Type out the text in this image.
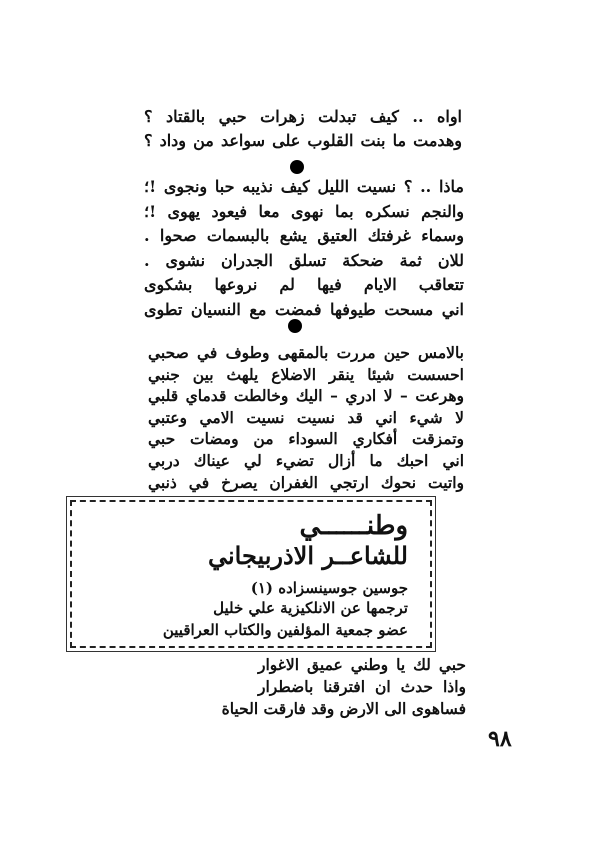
اواه .. كيف تبدلت زهرات حبي بالقتاد ؟
وهدمت ما بنت القلوب على سواعد من وداد ؟
ماذا .. ؟ نسيت الليل كيف نذيبه حبا ونجوى !؛
والنجم نسكره بما نهوى معا فيعود يهوى !؛
وسماء غرفتك العتيق يشع بالبسمات صحوا .
للان ثمة ضحكة تسلق الجدران نشوى .
تتعاقب الايام فيها لم نروعها بشكوى
اني مسحت طيوفها فمضت مع النسيان تطوى
بالامس حين مررت بالمقهى وطوف في صحبي
احسست شيئا ينقر الاضلاع يلهث بين جنبي
وهرعت – لا ادري – اليك وخالطت قدماي قلبي
لا شيء اني قد نسيت نسيت الامي وعتبي
وتمزقت أفكاري السوداء من ومضات حبي
اني احبك ما أزال تضيء لي عيناك دربي
واتيت نحوك ارتجي الغفران يصرخ في ذنبي
وطنــــــي
للشاعــر الاذربيجاني
جوسين جوسينسزاده (١)
ترجمها عن الانلكيزية علي خليل
عضو جمعية المؤلفين والكتاب العراقيين
حبي لك يا وطني عميق الاغوار
واذا حدث ان افترقنا باضطرار
فساهوى الى الارض وقد فارقت الحياة
٩٨
